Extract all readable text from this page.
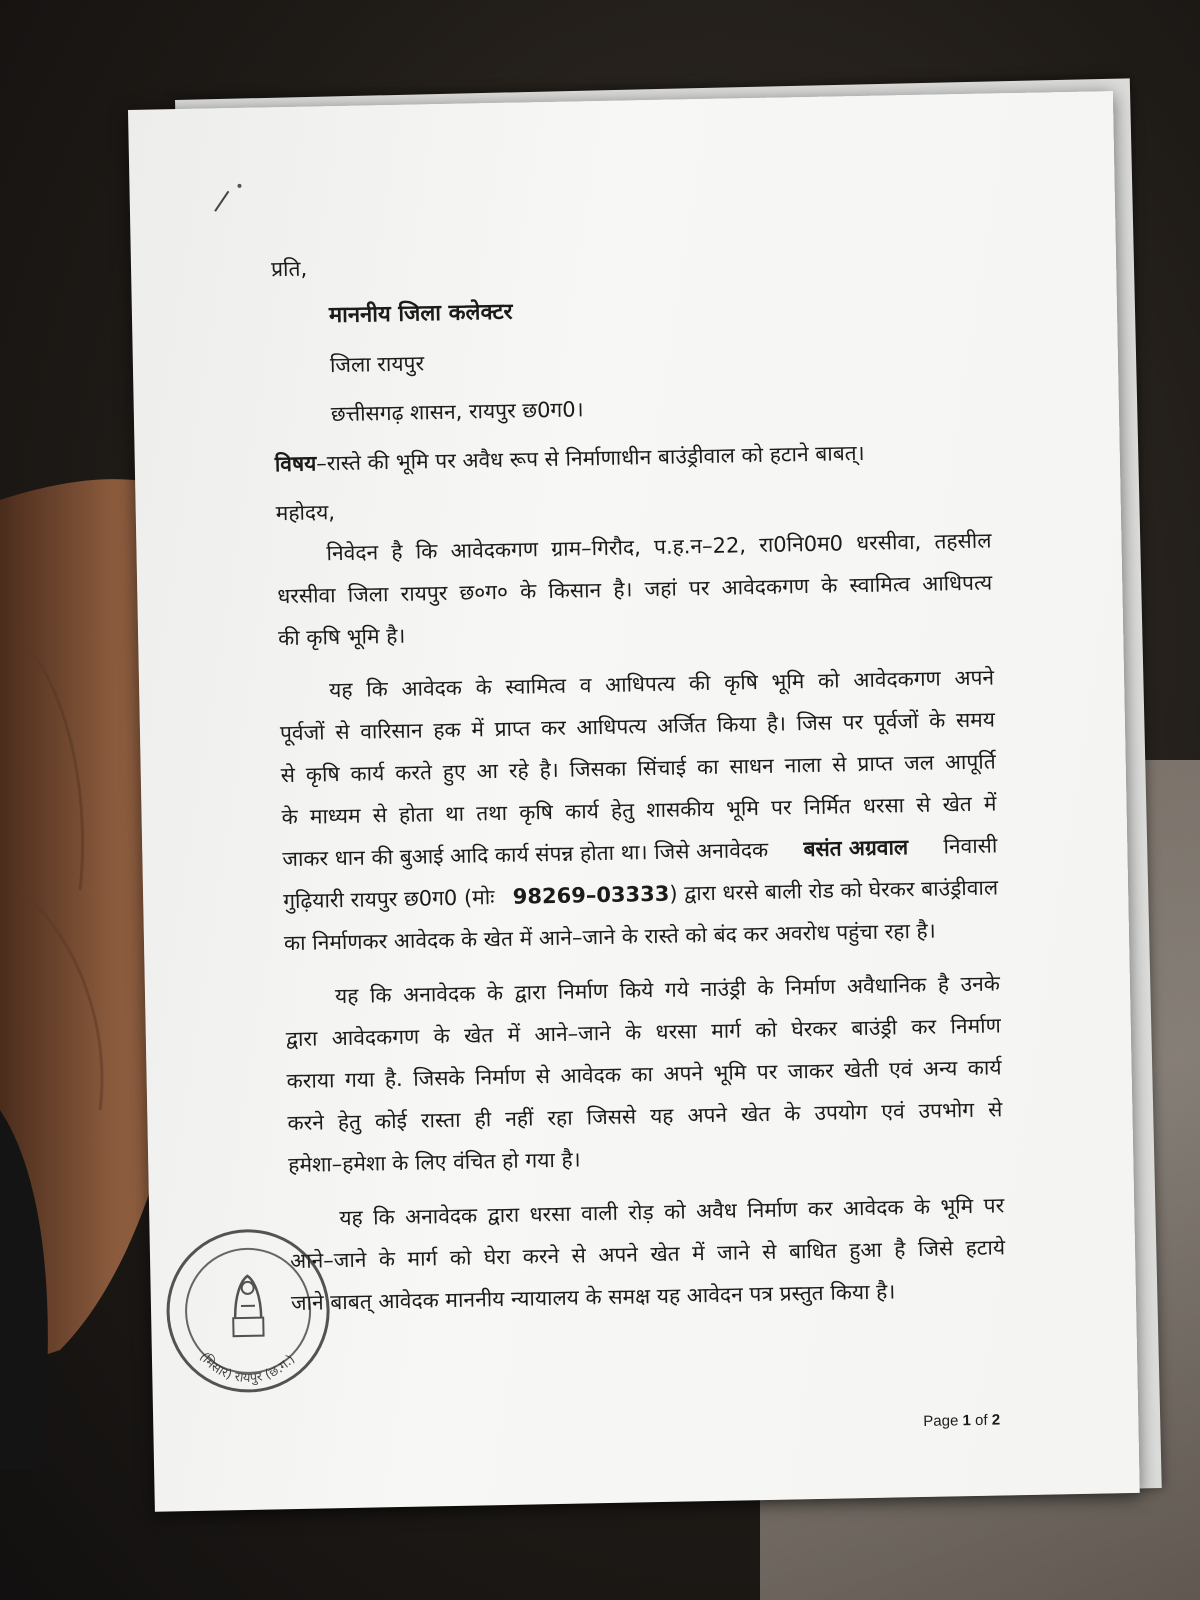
प्रति,
माननीय जिला कलेक्टर
जिला रायपुर
छत्तीसगढ़ शासन, रायपुर छ0ग0।
विषय–रास्ते की भूमि पर अवैध रूप से निर्माणाधीन बाउंड्रीवाल को हटाने बाबत्।
महोदय,
निवेदन है कि आवेदकगण ग्राम–गिरौद, प.ह.न–22, रा0नि0म0 धरसीवा, तहसील
धरसीवा जिला रायपुर छ०ग० के किसान है। जहां पर आवेदकगण के स्वामित्व आधिपत्य
की कृषि भूमि है।
यह कि आवेदक के स्वामित्व व आधिपत्य की कृषि भूमि को आवेदकगण अपने
पूर्वजों से वारिसान हक में प्राप्त कर आधिपत्य अर्जित किया है। जिस पर पूर्वजों के समय
से कृषि कार्य करते हुए आ रहे है। जिसका सिंचाई का साधन नाला से प्राप्त जल आपूर्ति
के माध्यम से होता था तथा कृषि कार्य हेतु शासकीय भूमि पर निर्मित धरसा से खेत में
जाकर धान की बुआई आदि कार्य संपन्न होता था। जिसे अनावेदक बसंत अग्रवाल निवासी
गुढ़ियारी रायपुर छ0ग0 (मोः 98269–03333) द्वारा धरसे बाली रोड को घेरकर बाउंड्रीवाल
का निर्माणकर आवेदक के खेत में आने–जाने के रास्ते को बंद कर अवरोध पहुंचा रहा है।
यह कि अनावेदक के द्वारा निर्माण किये गये नाउंड्री के निर्माण अवैधानिक है उनके
द्वारा आवेदकगण के खेत में आने–जाने के धरसा मार्ग को घेरकर बाउंड्री कर निर्माण
कराया गया है. जिसके निर्माण से आवेदक का अपने भूमि पर जाकर खेती एवं अन्य कार्य
करने हेतु कोई रास्ता ही नहीं रहा जिससे यह अपने खेत के उपयोग एवं उपभोग से
हमेशा–हमेशा के लिए वंचित हो गया है।
यह कि अनावेदक द्वारा धरसा वाली रोड़ को अवैध निर्माण कर आवेदक के भूमि पर
आने–जाने के मार्ग को घेरा करने से अपने खेत में जाने से बाधित हुआ है जिसे हटाये
जाने बाबत् आवेदक माननीय न्यायालय के समक्ष यह आवेदन पत्र प्रस्तुत किया है।
(मिसार) रायपुर (छ.ग.)
Page 1 of 2
